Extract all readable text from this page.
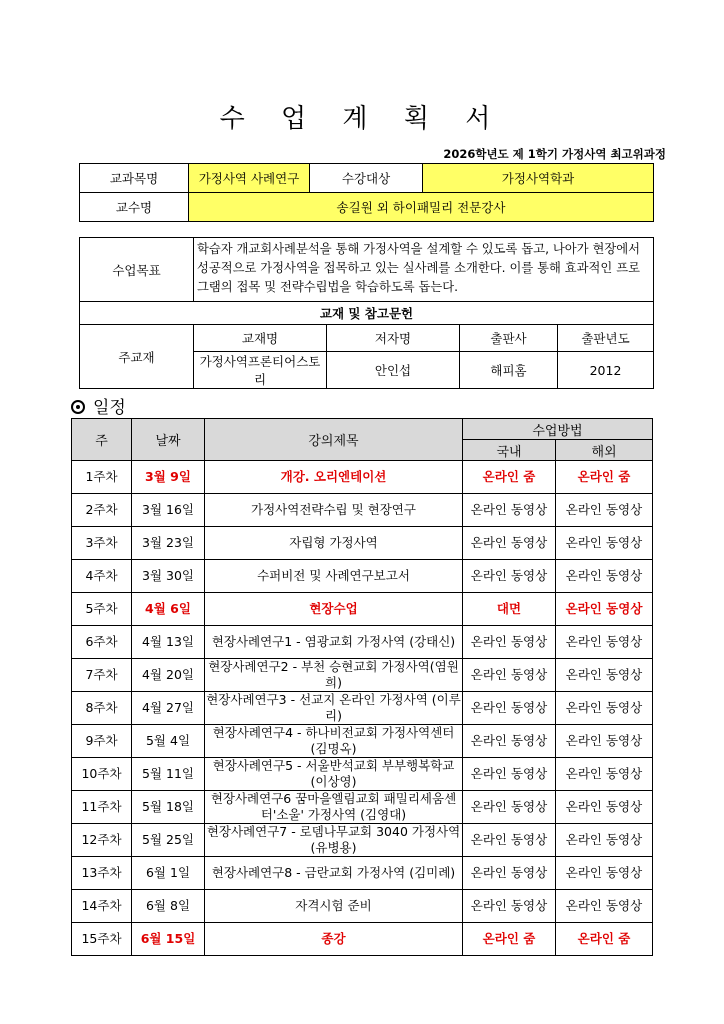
수 업 계 획 서
2026학년도 제 1학기 가정사역 최고위과정
교과목명	가정사역 사례연구	수강대상	가정사역학과
교수명	송길원 외 하이패밀리 전문강사		
수업목표	학습자 개교회사례분석을 통해 가정사역을 설계할 수 있도록 돕고, 나아가 현장에서 성공적으로 가정사역을 접목하고 있는 실사례를 소개한다. 이를 통해 효과적인 프로그램의 접목 및 전략수립법을 학습하도록 돕는다.			
교재 및 참고문헌				
주교재	교재명	저자명	출판사	출판년도
	가정사역프론티어스토리	안인섭	해피홈	2012
일정
주	날짜	강의제목	수업방법	
			국내	해외
1주차	3월 9일	개강. 오리엔테이션	온라인 줌	온라인 줌
2주차	3월 16일	가정사역전략수립 및 현장연구	온라인 동영상	온라인 동영상
3주차	3월 23일	자립형 가정사역	온라인 동영상	온라인 동영상
4주차	3월 30일	수퍼비전 및 사례연구보고서	온라인 동영상	온라인 동영상
5주차	4월 6일	현장수업	대면	온라인 동영상
6주차	4월 13일	현장사례연구1 - 염광교회 가정사역 (강태신)	온라인 동영상	온라인 동영상
7주차	4월 20일	현장사례연구2 - 부천 승현교회 가정사역(염원희)	온라인 동영상	온라인 동영상
8주차	4월 27일	현장사례연구3 - 선교지 온라인 가정사역 (이루리)	온라인 동영상	온라인 동영상
9주차	5월 4일	현장사례연구4 - 하나비전교회 가정사역센터(김명옥)	온라인 동영상	온라인 동영상
10주차	5월 11일	현장사례연구5 - 서울반석교회 부부행복학교 (이상영)	온라인 동영상	온라인 동영상
11주차	5월 18일	현장사례연구6 꿈마을엘림교회 패밀리세움센터'소울' 가정사역 (김영대)	온라인 동영상	온라인 동영상
12주차	5월 25일	현장사례연구7 - 로뎀나무교회 3040 가정사역 (유병용)	온라인 동영상	온라인 동영상
13주차	6월 1일	현장사례연구8 - 금란교회 가정사역 (김미례)	온라인 동영상	온라인 동영상
14주차	6월 8일	자격시험 준비	온라인 동영상	온라인 동영상
15주차	6월 15일	종강	온라인 줌	온라인 줌
